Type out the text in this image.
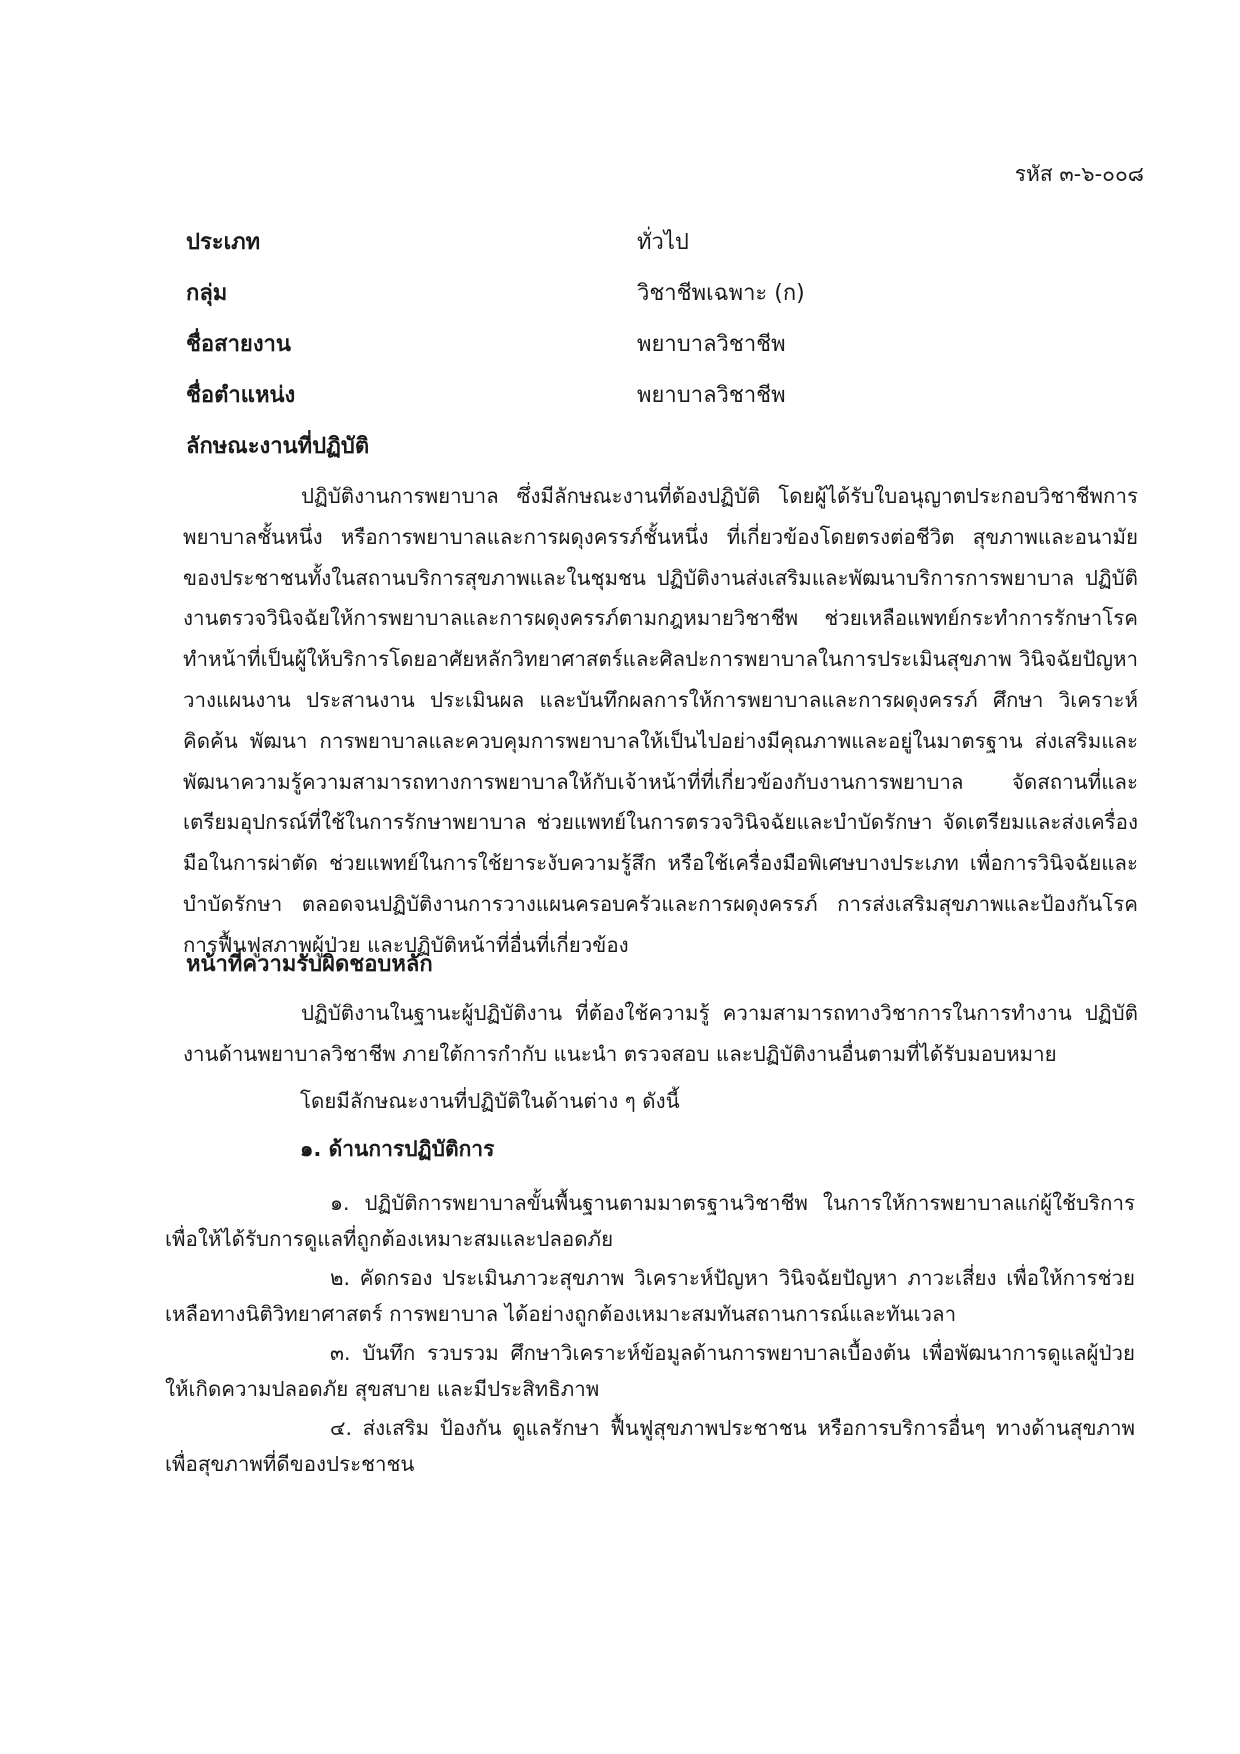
รหัส ๓-๖-๐๐๘
ประเภท	ทั่วไป
กลุ่ม	วิชาชีพเฉพาะ (ก)
ชื่อสายงาน	พยาบาลวิชาชีพ
ชื่อตำแหน่ง	พยาบาลวิชาชีพ
ลักษณะงานที่ปฏิบัติ

ปฏิบัติงานการพยาบาล ซึ่งมีลักษณะงานที่ต้องปฏิบัติ โดยผู้ได้รับใบอนุญาตประกอบวิชาชีพการพยาบาลชั้นหนึ่ง หรือการพยาบาลและการผดุงครรภ์ชั้นหนึ่ง ที่เกี่ยวข้องโดยตรงต่อชีวิต สุขภาพและอนามัยของประชาชนทั้งในสถานบริการสุขภาพและในชุมชน ปฏิบัติงานส่งเสริมและพัฒนาบริการการพยาบาล ปฏิบัติงานตรวจวินิจฉัยให้การพยาบาลและการผดุงครรภ์ตามกฎหมายวิชาชีพ ช่วยเหลือแพทย์กระทำการรักษาโรค ทำหน้าที่เป็นผู้ให้บริการโดยอาศัยหลักวิทยาศาสตร์และศิลปะการพยาบาลในการประเมินสุขภาพ วินิจฉัยปัญหา วางแผนงาน ประสานงาน ประเมินผล และบันทึกผลการให้การพยาบาลและการผดุงครรภ์ ศึกษา วิเคราะห์ คิดค้น พัฒนา การพยาบาลและควบคุมการพยาบาลให้เป็นไปอย่างมีคุณภาพและอยู่ในมาตรฐาน ส่งเสริมและพัฒนาความรู้ความสามารถทางการพยาบาลให้กับเจ้าหน้าที่ที่เกี่ยวข้องกับงานการพยาบาล จัดสถานที่และเตรียมอุปกรณ์ที่ใช้ในการรักษาพยาบาล ช่วยแพทย์ในการตรวจวินิจฉัยและบำบัดรักษา จัดเตรียมและส่งเครื่องมือในการผ่าตัด ช่วยแพทย์ในการใช้ยาระงับความรู้สึก หรือใช้เครื่องมือพิเศษบางประเภท เพื่อการวินิจฉัยและบำบัดรักษา ตลอดจนปฏิบัติงานการวางแผนครอบครัวและการผดุงครรภ์ การส่งเสริมสุขภาพและป้องกันโรค การฟื้นฟูสภาพผู้ป่วย และปฏิบัติหน้าที่อื่นที่เกี่ยวข้อง

หน้าที่ความรับผิดชอบหลัก

ปฏิบัติงานในฐานะผู้ปฏิบัติงาน ที่ต้องใช้ความรู้ ความสามารถทางวิชาการในการทำงาน ปฏิบัติงานด้านพยาบาลวิชาชีพ ภายใต้การกำกับ แนะนำ ตรวจสอบ และปฏิบัติงานอื่นตามที่ได้รับมอบหมาย

โดยมีลักษณะงานที่ปฏิบัติในด้านต่าง ๆ ดังนี้
๑. ด้านการปฏิบัติการ

๑. ปฏิบัติการพยาบาลขั้นพื้นฐานตามมาตรฐานวิชาชีพ ในการให้การพยาบาลแก่ผู้ใช้บริการเพื่อให้ได้รับการดูแลที่ถูกต้องเหมาะสมและปลอดภัย

๒. คัดกรอง ประเมินภาวะสุขภาพ วิเคราะห์ปัญหา วินิจฉัยปัญหา ภาวะเสี่ยง เพื่อให้การช่วยเหลือทางนิติวิทยาศาสตร์ การพยาบาล ได้อย่างถูกต้องเหมาะสมทันสถานการณ์และทันเวลา

๓. บันทึก รวบรวม ศึกษาวิเคราะห์ข้อมูลด้านการพยาบาลเบื้องต้น เพื่อพัฒนาการดูแลผู้ป่วยให้เกิดความปลอดภัย สุขสบาย และมีประสิทธิภาพ

๔. ส่งเสริม ป้องกัน ดูแลรักษา ฟื้นฟูสุขภาพประชาชน หรือการบริการอื่นๆ ทางด้านสุขภาพเพื่อสุขภาพที่ดีของประชาชน
